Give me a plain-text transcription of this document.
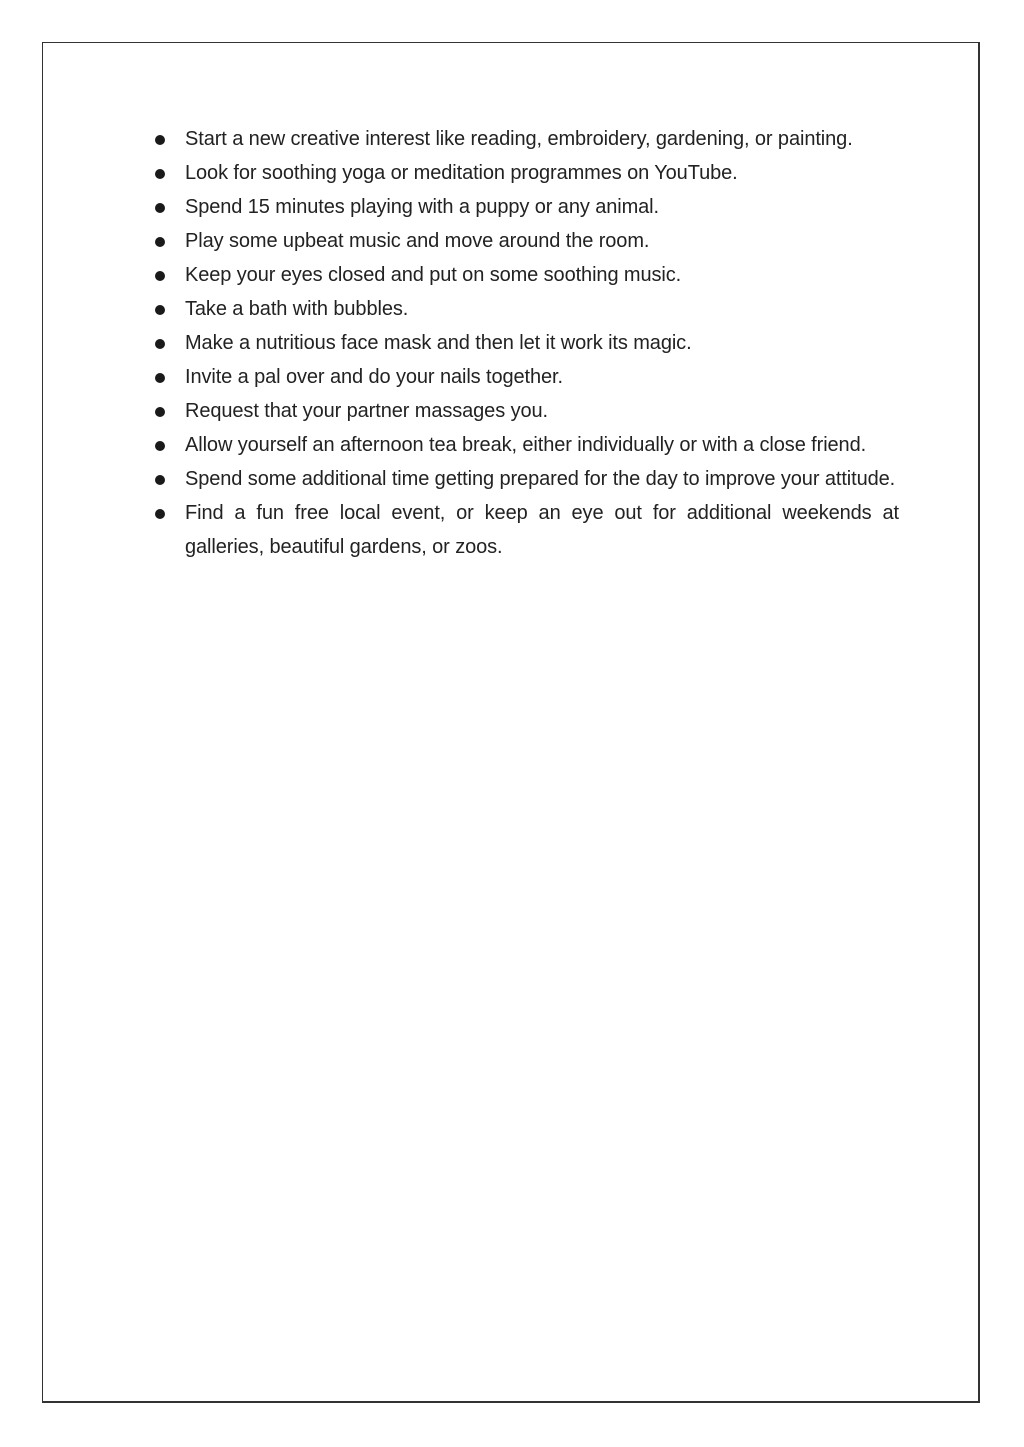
Start a new creative interest like reading, embroidery, gardening, or painting.
Look for soothing yoga or meditation programmes on YouTube.
Spend 15 minutes playing with a puppy or any animal.
Play some upbeat music and move around the room.
Keep your eyes closed and put on some soothing music.
Take a bath with bubbles.
Make a nutritious face mask and then let it work its magic.
Invite a pal over and do your nails together.
Request that your partner massages you.
Allow yourself an afternoon tea break, either individually or with a close friend.
Spend some additional time getting prepared for the day to improve your attitude.
Find a fun free local event, or keep an eye out for additional weekends at galleries, beautiful gardens, or zoos.
